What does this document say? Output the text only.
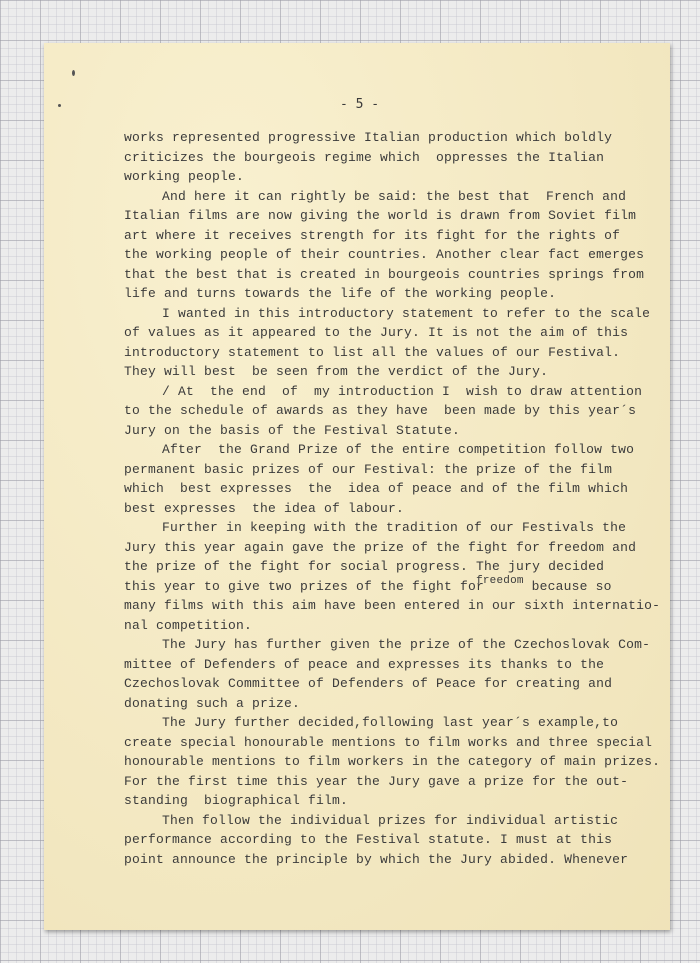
- 5 -
works represented progressive Italian production which boldly
criticizes the bourgeois regime which  oppresses the Italian
working people.
And here it can rightly be said: the best that  French and
Italian films are now giving the world is drawn from Soviet film
art where it receives strength for its fight for the rights of
the working people of their countries. Another clear fact emerges
that the best that is created in bourgeois countries springs from
life and turns towards the life of the working people.
I wanted in this introductory statement to refer to the scale
of values as it appeared to the Jury. It is not the aim of this
introductory statement to list all the values of our Festival.
They will best  be seen from the verdict of the Jury.
/ At  the end  of  my introduction I  wish to draw attention
to the schedule of awards as they have  been made by this year´s
Jury on the basis of the Festival Statute.
After  the Grand Prize of the entire competition follow two
permanent basic prizes of our Festival: the prize of the film
which  best expresses  the  idea of peace and of the film which
best expresses  the idea of labour.
Further in keeping with the tradition of our Festivals the
Jury this year again gave the prize of the fight for freedom and
the prize of the fight for social progress. The jury decided
this year to give two prizes of the fight for$^{freedom}$ because so
many films with this aim have been entered in our sixth internatio-
nal competition.
The Jury has further given the prize of the Czechoslovak Com-
mittee of Defenders of peace and expresses its thanks to the
Czechoslovak Committee of Defenders of Peace for creating and
donating such a prize.
The Jury further decided,following last year´s example,to
create special honourable mentions to film works and three special
honourable mentions to film workers in the category of main prizes.
For the first time this year the Jury gave a prize for the out-
standing  biographical film.
Then follow the individual prizes for individual artistic
performance according to the Festival statute. I must at this
point announce the principle by which the Jury abided. Whenever
